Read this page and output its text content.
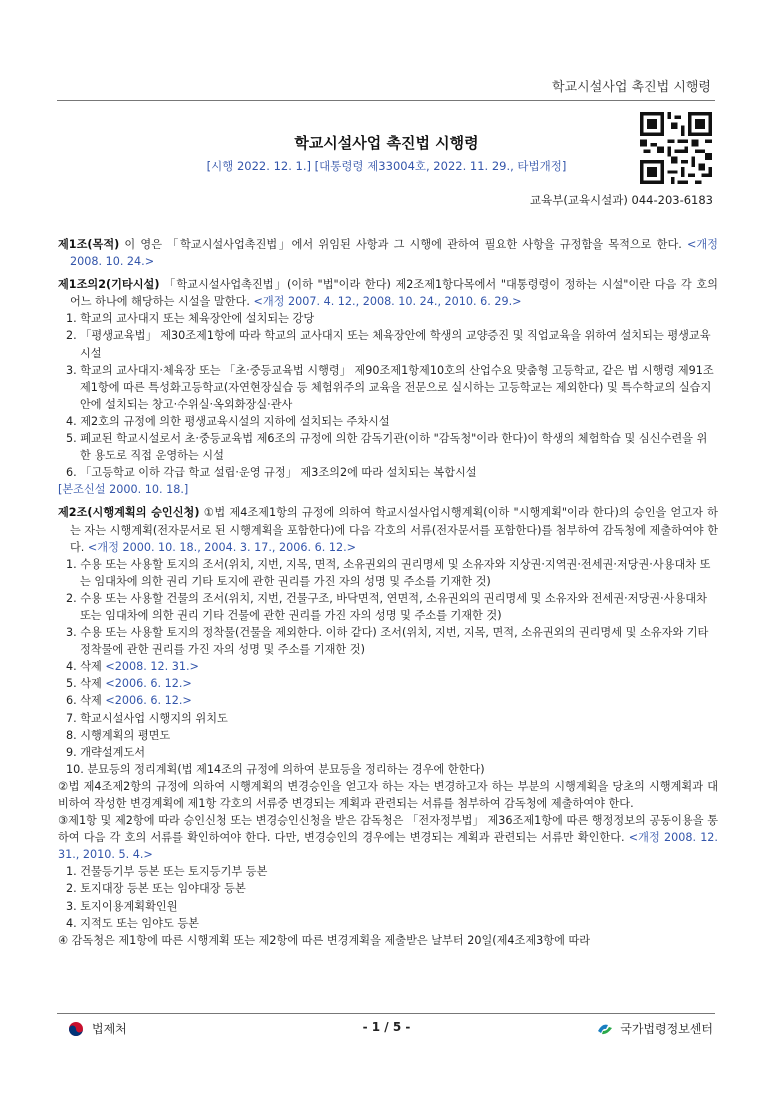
학교시설사업 촉진법 시행령
학교시설사업 촉진법 시행령
[시행 2022. 12. 1.] [대통령령 제33004호, 2022. 11. 29., 타법개정]
교육부(교육시설과) 044-203-6183

제1조(목적) 이 영은 「학교시설사업촉진법」에서 위임된 사항과 그 시행에 관하여 필요한 사항을 규정함을 목적으로 한다. <개정 2008. 10. 24.>

제1조의2(기타시설) 「학교시설사업촉진법」(이하 "법"이라 한다) 제2조제1항다목에서 "대통령령이 정하는 시설"이란 다음 각 호의 어느 하나에 해당하는 시설을 말한다. <개정 2007. 4. 12., 2008. 10. 24., 2010. 6. 29.>

1. 학교의 교사대지 또는 체육장안에 설치되는 강당

2. 「평생교육법」 제30조제1항에 따라 학교의 교사대지 또는 체육장안에 학생의 교양증진 및 직업교육을 위하여 설치되는 평생교육시설

3. 학교의 교사대지·체육장 또는 「초·중등교육법 시행령」 제90조제1항제10호의 산업수요 맞춤형 고등학교, 같은 법 시행령 제91조제1항에 따른 특성화고등학교(자연현장실습 등 체험위주의 교육을 전문으로 실시하는 고등학교는 제외한다) 및 특수학교의 실습지안에 설치되는 창고·수위실·옥외화장실·관사

4. 제2호의 규정에 의한 평생교육시설의 지하에 설치되는 주차시설

5. 폐교된 학교시설로서 초·중등교육법 제6조의 규정에 의한 감독기관(이하 "감독청"이라 한다)이 학생의 체험학습 및 심신수련을 위한 용도로 직접 운영하는 시설

6. 「고등학교 이하 각급 학교 설립·운영 규정」 제3조의2에 따라 설치되는 복합시설

[본조신설 2000. 10. 18.]

제2조(시행계획의 승인신청) ①법 제4조제1항의 규정에 의하여 학교시설사업시행계획(이하 "시행계획"이라 한다)의 승인을 얻고자 하는 자는 시행계획(전자문서로 된 시행계획을 포함한다)에 다음 각호의 서류(전자문서를 포함한다)를 첨부하여 감독청에 제출하여야 한다. <개정 2000. 10. 18., 2004. 3. 17., 2006. 6. 12.>

1. 수용 또는 사용할 토지의 조서(위치, 지번, 지목, 면적, 소유권외의 권리명세 및 소유자와 지상권·지역권·전세권·저당권·사용대차 또는 임대차에 의한 권리 기타 토지에 관한 권리를 가진 자의 성명 및 주소를 기재한 것)

2. 수용 또는 사용할 건물의 조서(위치, 지번, 건물구조, 바닥면적, 연면적, 소유권외의 권리명세 및 소유자와 전세권·저당권·사용대차 또는 임대차에 의한 권리 기타 건물에 관한 권리를 가진 자의 성명 및 주소를 기재한 것)

3. 수용 또는 사용할 토지의 정착물(건물을 제외한다. 이하 같다) 조서(위치, 지번, 지목, 면적, 소유권외의 권리명세 및 소유자와 기타 정착물에 관한 권리를 가진 자의 성명 및 주소를 기재한 것)

4. 삭제 <2008. 12. 31.>

5. 삭제 <2006. 6. 12.>

6. 삭제 <2006. 6. 12.>

7. 학교시설사업 시행지의 위치도

8. 시행계획의 평면도

9. 개략설계도서

10. 분묘등의 정리계획(법 제14조의 규정에 의하여 분묘등을 정리하는 경우에 한한다)

②법 제4조제2항의 규정에 의하여 시행계획의 변경승인을 얻고자 하는 자는 변경하고자 하는 부분의 시행계획을 당초의 시행계획과 대비하여 작성한 변경계획에 제1항 각호의 서류중 변경되는 계획과 관련되는 서류를 첨부하여 감독청에 제출하여야 한다.

③제1항 및 제2항에 따라 승인신청 또는 변경승인신청을 받은 감독청은 「전자정부법」 제36조제1항에 따른 행정정보의 공동이용을 통하여 다음 각 호의 서류를 확인하여야 한다. 다만, 변경승인의 경우에는 변경되는 계획과 관련되는 서류만 확인한다. <개정 2008. 12. 31., 2010. 5. 4.>

1. 건물등기부 등본 또는 토지등기부 등본

2. 토지대장 등본 또는 임야대장 등본

3. 토지이용계획확인원

4. 지적도 또는 임야도 등본

④ 감독청은 제1항에 따른 시행계획 또는 제2항에 따른 변경계획을 제출받은 날부터 20일(제4조제3항에 따라

법제처	- 1 / 5 -	국가법령정보센터
